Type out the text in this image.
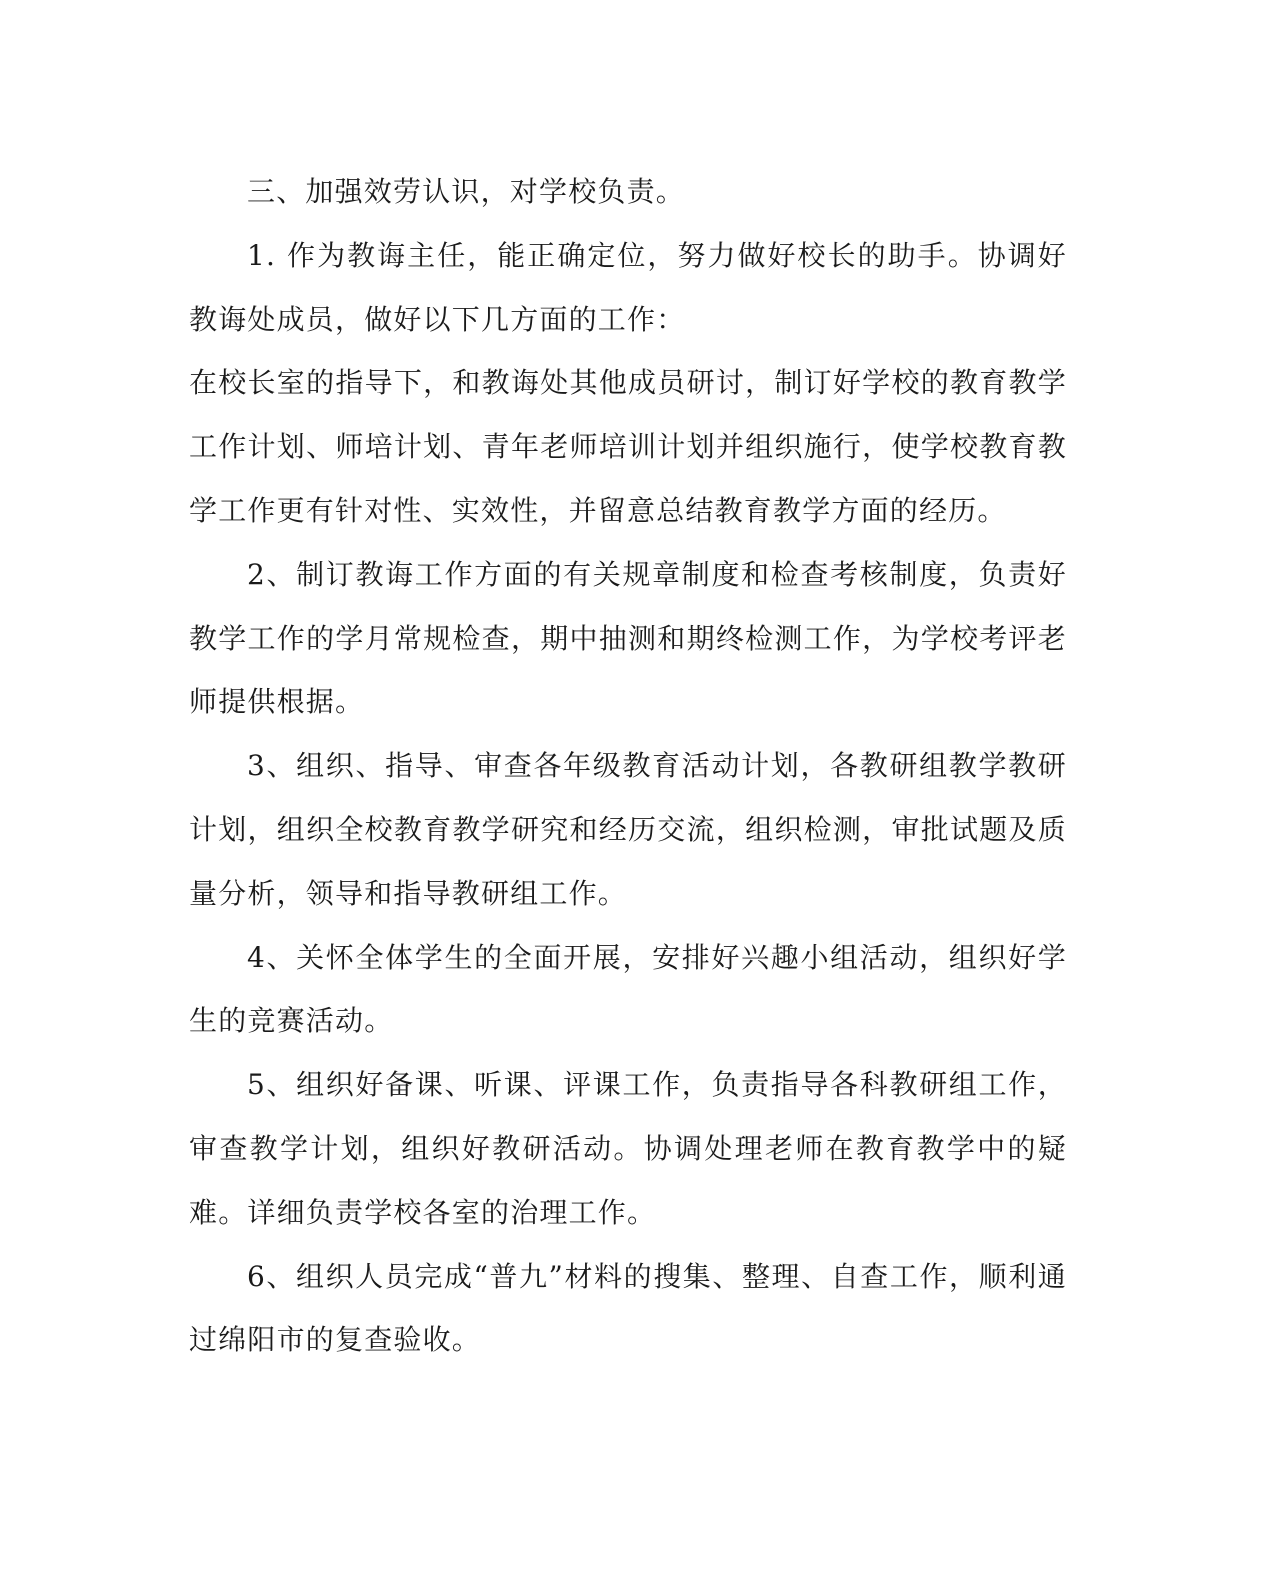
三、加强效劳认识，对学校负责。

1. 作为教诲主任，能正确定位，努力做好校长的助手。协调好教诲处成员，做好以下几方面的工作：

在校长室的指导下，和教诲处其他成员研讨，制订好学校的教育教学工作计划、师培计划、青年老师培训计划并组织施行，使学校教育教学工作更有针对性、实效性，并留意总结教育教学方面的经历。

2、制订教诲工作方面的有关规章制度和检查考核制度，负责好教学工作的学月常规检查，期中抽测和期终检测工作，为学校考评老师提供根据。

3、组织、指导、审查各年级教育活动计划，各教研组教学教研计划，组织全校教育教学研究和经历交流，组织检测，审批试题及质量分析，领导和指导教研组工作。

4、关怀全体学生的全面开展，安排好兴趣小组活动，组织好学生的竞赛活动。

5、组织好备课、听课、评课工作，负责指导各科教研组工作，审查教学计划，组织好教研活动。协调处理老师在教育教学中的疑难。详细负责学校各室的治理工作。

6、组织人员完成“普九”材料的搜集、整理、自查工作，顺利通过绵阳市的复查验收。
